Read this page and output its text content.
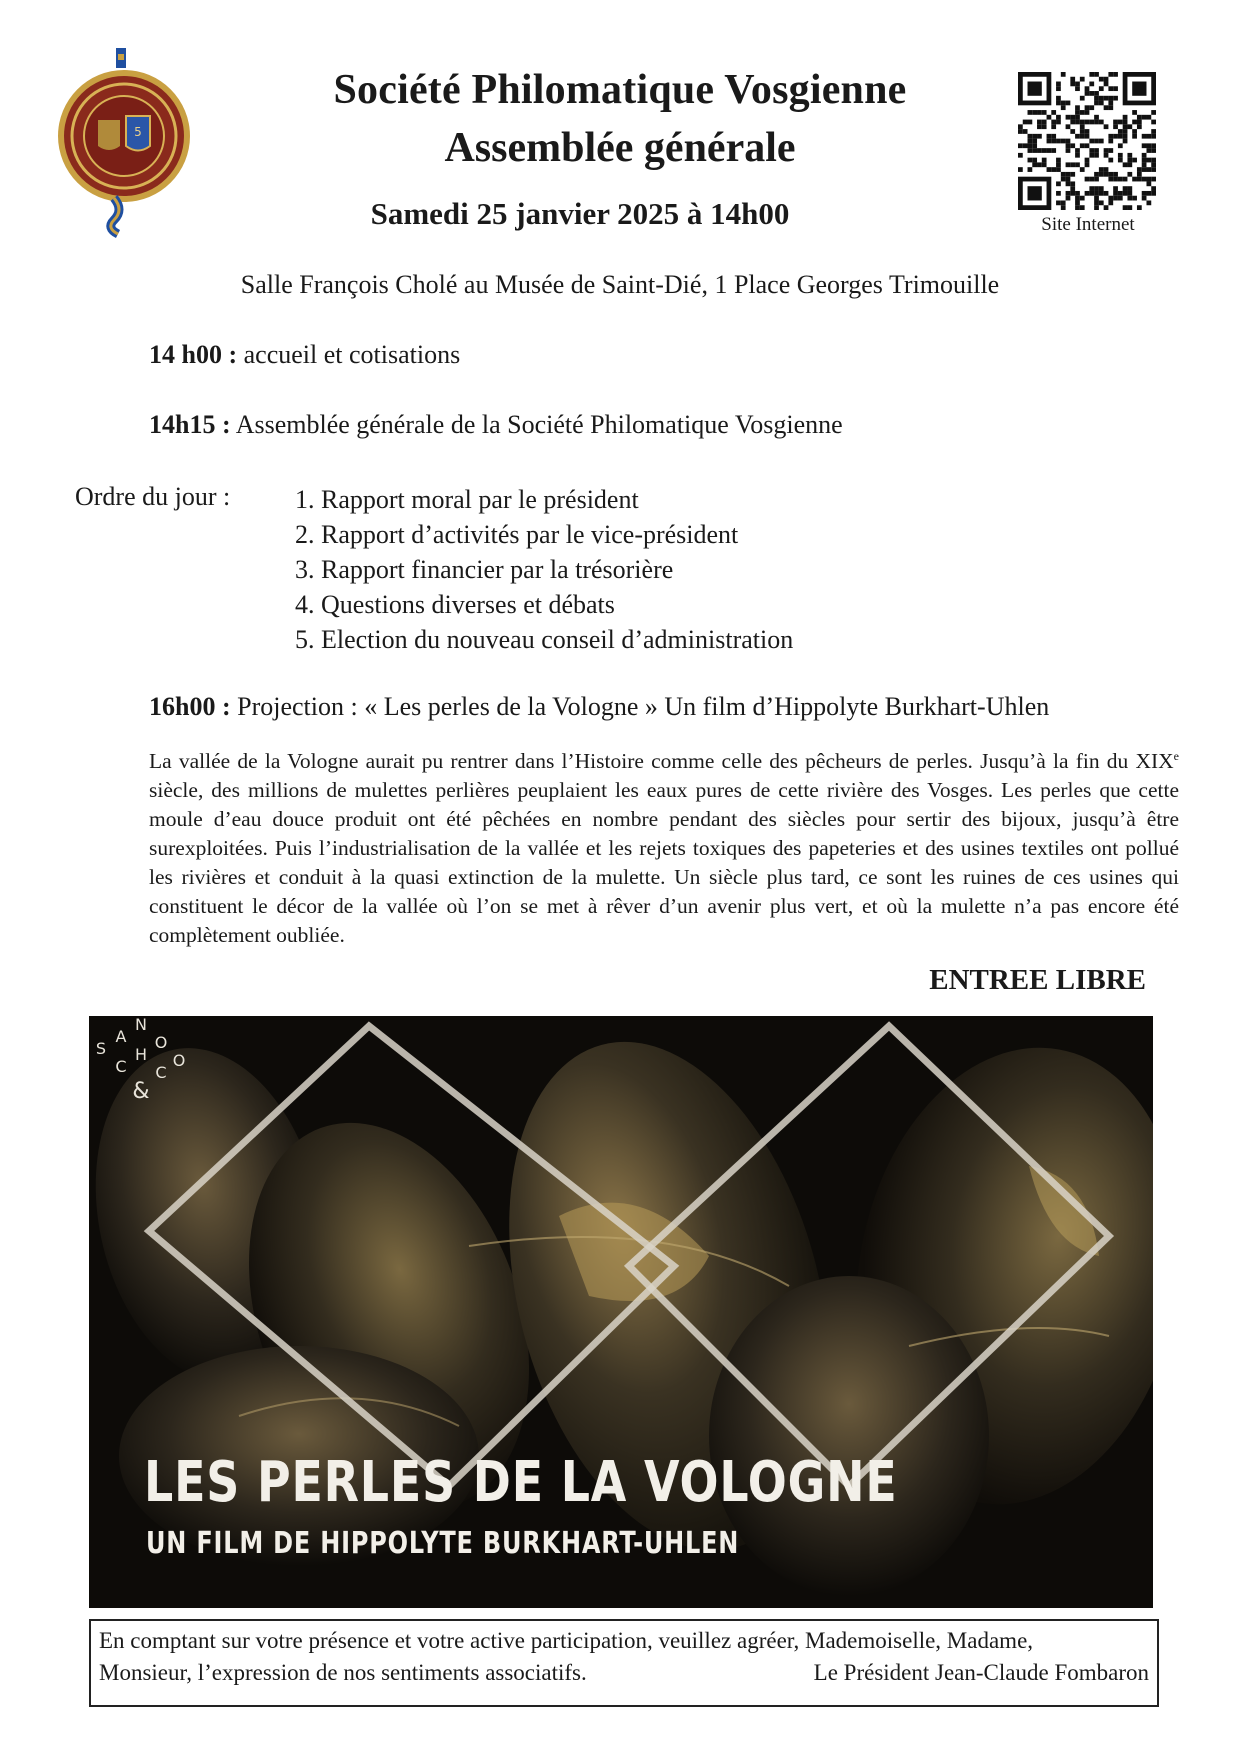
5
Société Philomatique Vosgienne
Assemblée générale
Samedi 25 janvier 2025 à 14h00	Site Internet
Salle François Cholé au Musée de Saint-Dié, 1 Place Georges Trimouille
14 h00 : accueil et cotisations
14h15 : Assemblée générale de la Société Philomatique Vosgienne
Ordre du jour : 1. Rapport moral par le président
2. Rapport d’activités par le vice-président
3. Rapport financier par la trésorière
4. Questions diverses et débats
5. Election du nouveau conseil d’administration
16h00 : Projection : « Les perles de la Vologne » Un film d’Hippolyte Burkhart-Uhlen
La vallée de la Vologne aurait pu rentrer dans l’Histoire comme celle des pêcheurs de perles. Jusqu’à la fin du XIXe siècle, des millions de mulettes perlières peuplaient les eaux pures de cette rivière des Vosges. Les perles que cette moule d’eau douce produit ont été pêchées en nombre pendant des siècles pour sertir des bijoux, jusqu’à être surexploitées. Puis l’industrialisation de la vallée et les rejets toxiques des papeteries et des usines textiles ont pollué les rivières et conduit à la quasi extinction de la mulette. Un siècle plus tard, ce sont les ruines de ces usines qui constituent le décor de la vallée où l’on se met à rêver d’un avenir plus vert, et où la mulette n’a pas encore été complètement oubliée.
ENTREE LIBRE
S
A
N
C
H
O
C
O
&
LES PERLES DE LA VOLOGNE
UN FILM DE HIPPOLYTE BURKHART-UHLEN
En comptant sur votre présence et votre active participation, veuillez agréer, Mademoiselle, Madame,
Monsieur, l’expression de nos sentiments associatifs.	Le Président Jean-Claude Fombaron
